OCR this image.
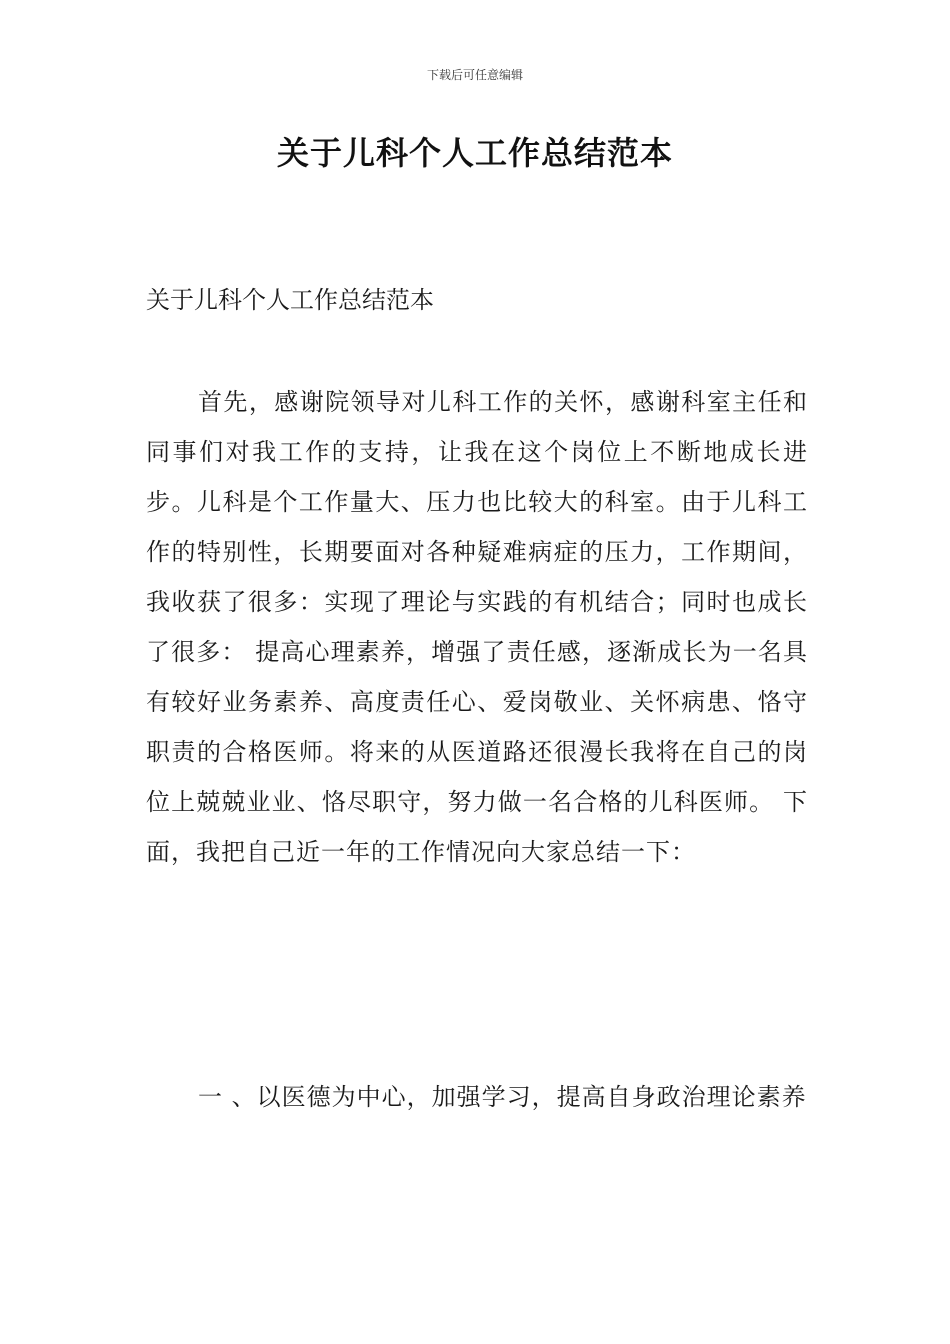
下载后可任意编辑
关于儿科个人工作总结范本
关于儿科个人工作总结范本

首先，感谢院领导对儿科工作的关怀，感谢科室主任和同事们对我工作的支持，让我在这个岗位上不断地成长进步。儿科是个工作量大、压力也比较大的科室。由于儿科工作的特别性，长期要面对各种疑难病症的压力，工作期间，我收获了很多：实现了理论与实践的有机结合；同时也成长了很多： 提高心理素养，增强了责任感，逐渐成长为一名具有较好业务素养、高度责任心、爱岗敬业、关怀病患、恪守职责的合格医师。将来的从医道路还很漫长我将在自己的岗位上兢兢业业、恪尽职守，努力做一名合格的儿科医师。 下面，我把自己近一年的工作情况向大家总结一下：

一 、以医德为中心，加强学习，提高自身政治理论素养
